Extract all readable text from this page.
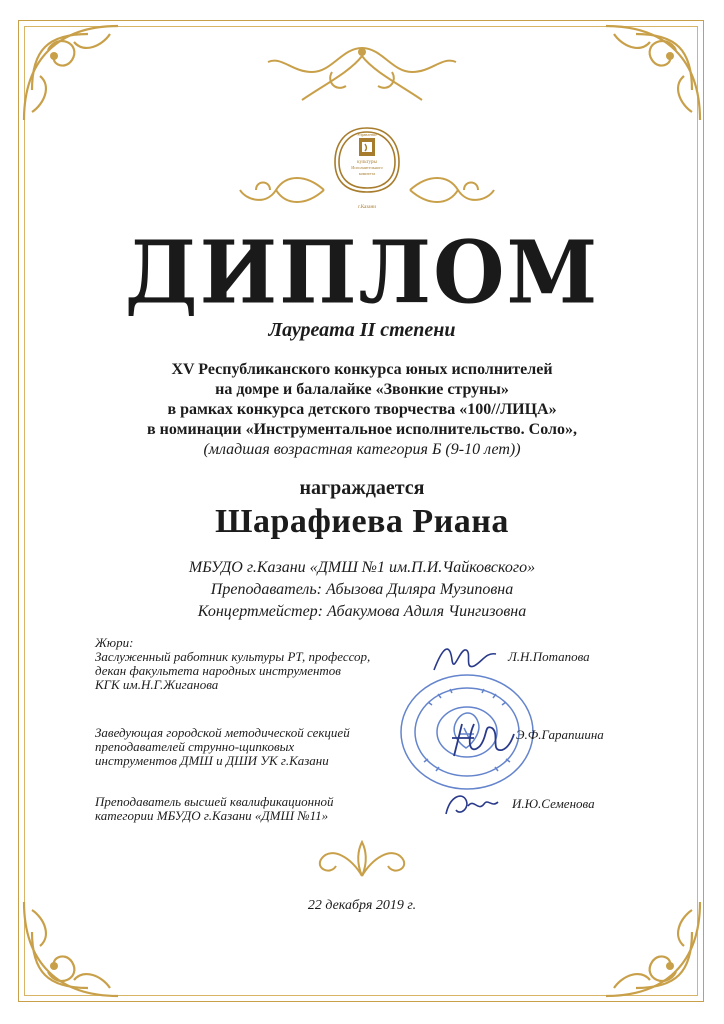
Управление
культуры
Исполнительного
комитета
г.Казани
ДИПЛОМ
Лауреата II степени
XV Республиканского конкурса юных исполнителей
на домре и балалайке «Звонкие струны»
в рамках конкурса детского творчества «100//ЛИЦА»
в номинации «Инструментальное исполнительство. Соло»,
(младшая возрастная категория Б (9-10 лет))
награждается
Шарафиева Риана
МБУДО г.Казани «ДМШ №1 им.П.И.Чайковского»
Преподаватель: Абызова Диляра Музиповна
Концертмейстер: Абакумова Адиля Чингизовна
Жюри:
Заслуженный работник культуры РТ, профессор,
декан факультета народных инструментов
КГК им.Н.Г.Жиганова
Л.Н.Потапова
Заведующая городской методической секцией
преподавателей струнно-щипковых
инструментов ДМШ и ДШИ УК г.Казани
Э.Ф.Гарапшина
Преподаватель высшей квалификационной
категории МБУДО г.Казани «ДМШ №11»
И.Ю.Семенова
22 декабря 2019 г.
